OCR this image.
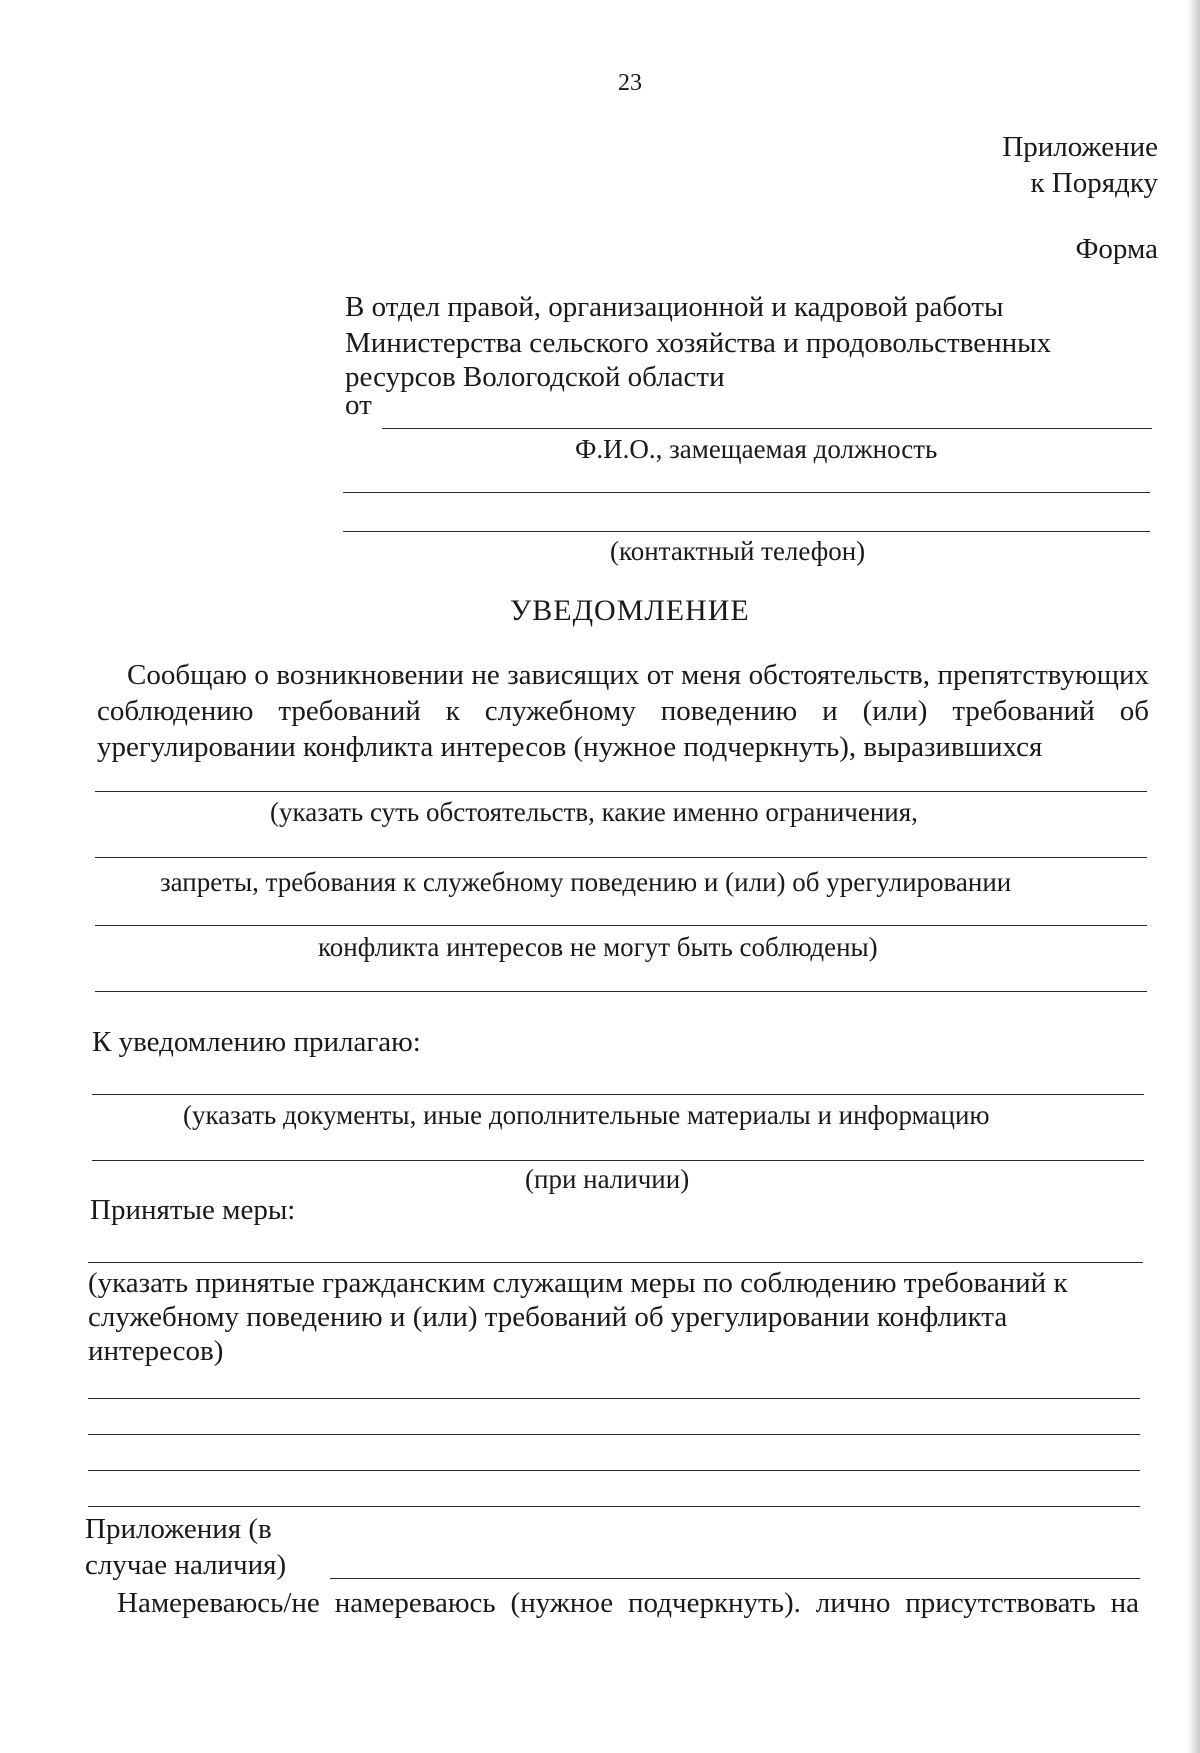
23
Приложение
к Порядку
Форма
В отдел правой, организационной и кадровой работы
Министерства сельского хозяйства и продовольственных
ресурсов Вологодской области
от
Ф.И.О., замещаемая должность
(контактный телефон)
УВЕДОМЛЕНИЕ
Сообщаю о возникновении не зависящих от меня обстоятельств, препятствующих
соблюдению требований к служебному поведению и (или) требований об
урегулировании конфликта интересов (нужное подчеркнуть), выразившихся
(указать суть обстоятельств, какие именно ограничения,
запреты, требования к служебному поведению и (или) об урегулировании
конфликта интересов не могут быть соблюдены)
К уведомлению прилагаю:
(указать документы, иные дополнительные материалы и информацию
(при наличии)
Принятые меры:
(указать принятые гражданским служащим меры по соблюдению требований к
служебному поведению и (или) требований об урегулировании конфликта
интересов)
Приложения (в
случае наличия)
Намереваюсь/не намереваюсь (нужное подчеркнуть). лично присутствовать на
